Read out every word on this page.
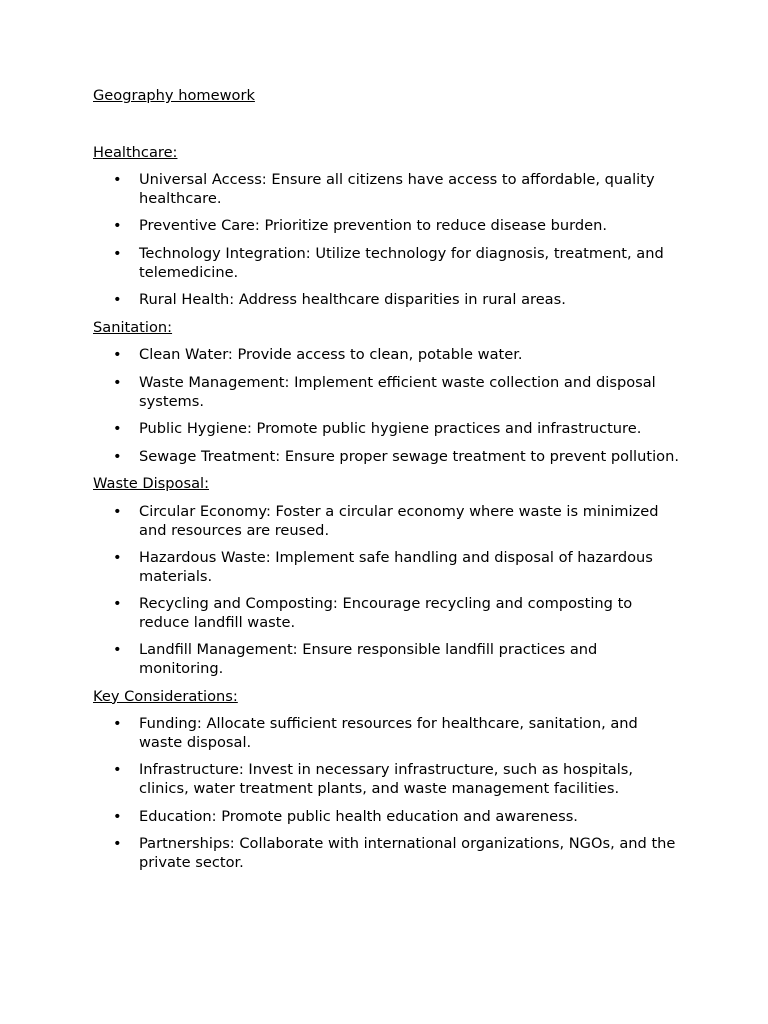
Geography homework
Healthcare:
• Universal Access: Ensure all citizens have access to affordable, quality healthcare.
• Preventive Care: Prioritize prevention to reduce disease burden.
• Technology Integration: Utilize technology for diagnosis, treatment, and telemedicine.
• Rural Health: Address healthcare disparities in rural areas.
Sanitation:
• Clean Water: Provide access to clean, potable water.
• Waste Management: Implement efficient waste collection and disposal systems.
• Public Hygiene: Promote public hygiene practices and infrastructure.
• Sewage Treatment: Ensure proper sewage treatment to prevent pollution.
Waste Disposal:
• Circular Economy: Foster a circular economy where waste is minimized and resources are reused.
• Hazardous Waste: Implement safe handling and disposal of hazardous materials.
• Recycling and Composting: Encourage recycling and composting to reduce landfill waste.
• Landfill Management: Ensure responsible landfill practices and monitoring.
Key Considerations:
• Funding: Allocate sufficient resources for healthcare, sanitation, and waste disposal.
• Infrastructure: Invest in necessary infrastructure, such as hospitals, clinics, water treatment plants, and waste management facilities.
• Education: Promote public health education and awareness.
• Partnerships: Collaborate with international organizations, NGOs, and the private sector.
